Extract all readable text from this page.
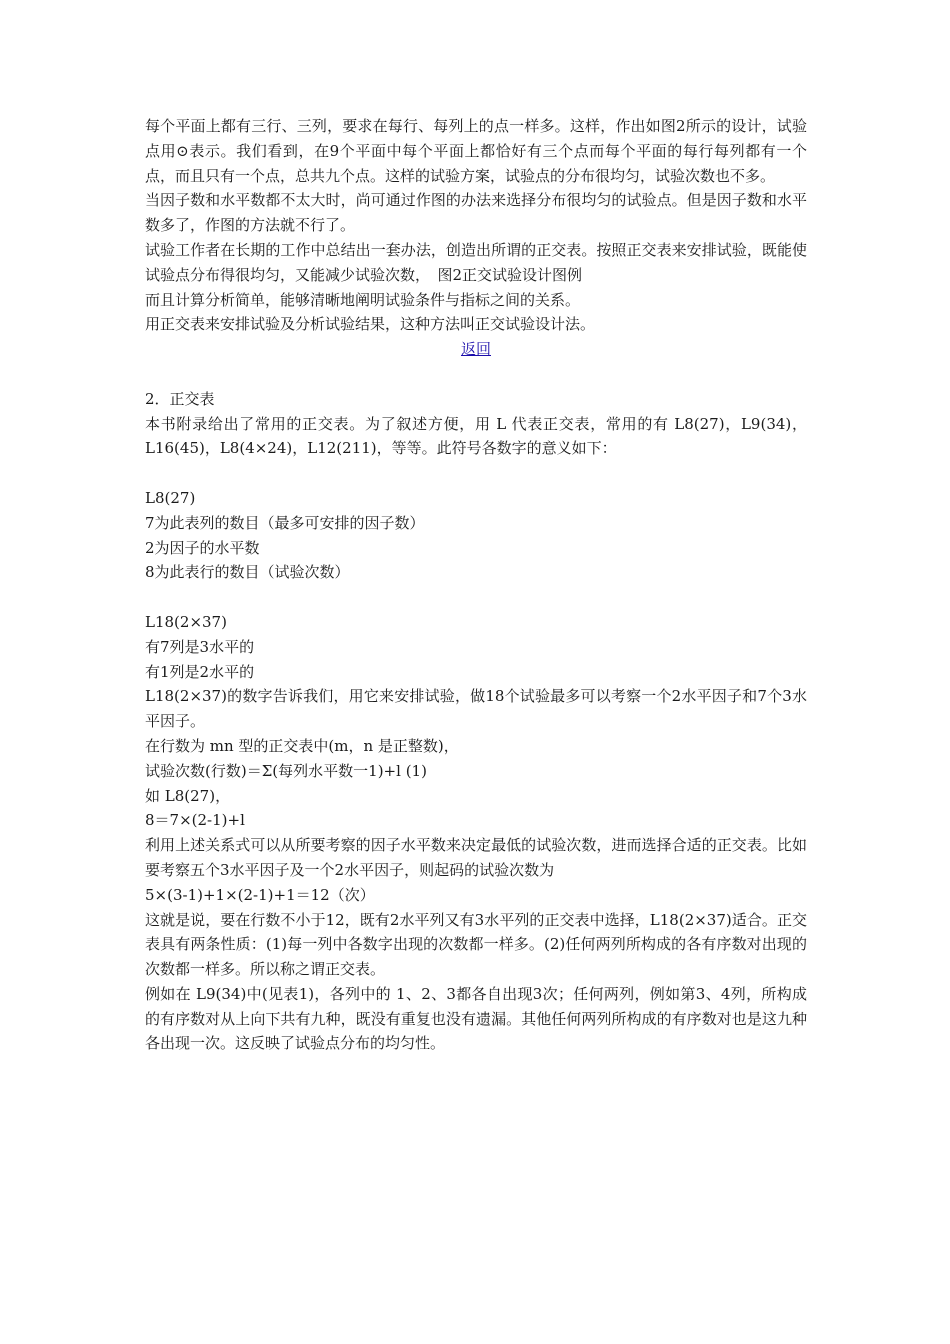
每个平面上都有三行、三列，要求在每行、每列上的点一样多。这样，作出如图2所示的设计，试验点用⊙表示。我们看到，在9个平面中每个平面上都恰好有三个点而每个平面的每行每列都有一个点，而且只有一个点，总共九个点。这样的试验方案，试验点的分布很均匀，试验次数也不多。

当因子数和水平数都不太大时，尚可通过作图的办法来选择分布很均匀的试验点。但是因子数和水平数多了，作图的方法就不行了。

试验工作者在长期的工作中总结出一套办法，创造出所谓的正交表。按照正交表来安排试验，既能使试验点分布得很均匀，又能减少试验次数，　图2正交试验设计图例

而且计算分析简单，能够清晰地阐明试验条件与指标之间的关系。

用正交表来安排试验及分析试验结果，这种方法叫正交试验设计法。

返回

2．正交表

本书附录给出了常用的正交表。为了叙述方便，用 L 代表正交表，常用的有 L8(27)，L9(34)，L16(45)，L8(4×24)，L12(211)，等等。此符号各数字的意义如下：

L8(27)

7为此表列的数目（最多可安排的因子数）

2为因子的水平数

8为此表行的数目（试验次数）

L18(2×37)

有7列是3水平的

有1列是2水平的

L18(2×37)的数字告诉我们，用它来安排试验，做18个试验最多可以考察一个2水平因子和7个3水平因子。

在行数为 mn 型的正交表中(m，n 是正整数)，

试验次数(行数)＝Σ(每列水平数一1)+l (1)

如 L8(27)，

8＝7×(2-1)+l

利用上述关系式可以从所要考察的因子水平数来决定最低的试验次数，进而选择合适的正交表。比如要考察五个3水平因子及一个2水平因子，则起码的试验次数为

5×(3-1)+1×(2-1)+1＝12（次）

这就是说，要在行数不小于12，既有2水平列又有3水平列的正交表中选择，L18(2×37)适合。正交表具有两条性质：(1)每一列中各数字出现的次数都一样多。(2)任何两列所构成的各有序数对出现的次数都一样多。所以称之谓正交表。

例如在 L9(34)中(见表1)，各列中的 1、2、3都各自出现3次；任何两列，例如第3、4列，所构成的有序数对从上向下共有九种，既没有重复也没有遗漏。其他任何两列所构成的有序数对也是这九种各出现一次。这反映了试验点分布的均匀性。
